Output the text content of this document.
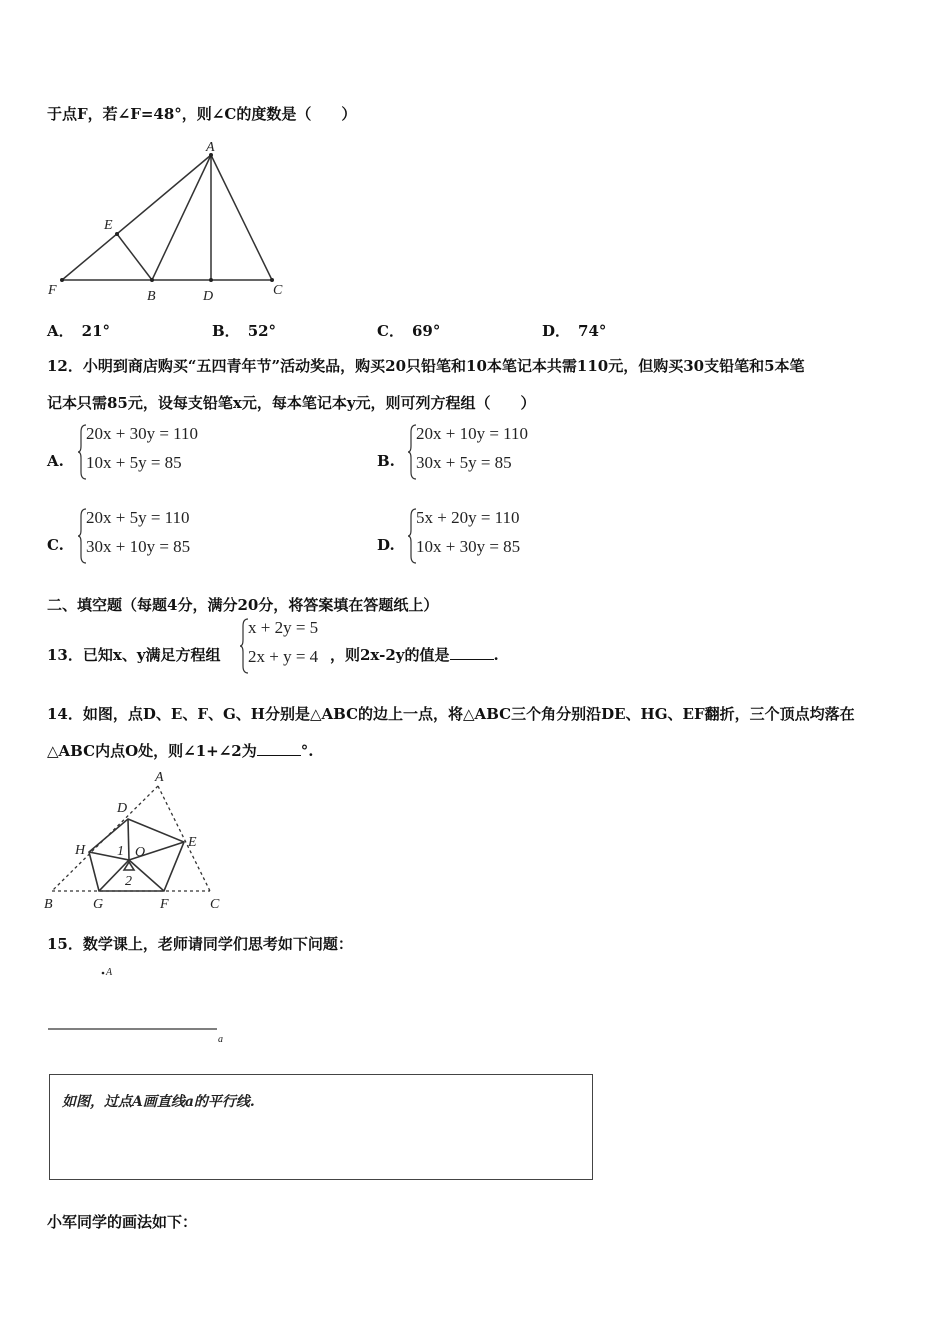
于点F，若∠F=48°，则∠C的度数是（　　）
A
E
F	B	D	C
A． 21°	B． 52°	C． 69°	D． 74°
12．小明到商店购买“五四青年节”活动奖品，购买20只铅笔和10本笔记本共需110元，但购买30支铅笔和5本笔
记本只需85元，设每支铅笔x元，每本笔记本y元，则可列方程组（　　）
A.
20x + 30y = 110
10x + 5y = 85	B.
20x + 10y = 110
30x + 5y = 85
C.
20x + 5y = 110
30x + 10y = 85	D.
5x + 20y = 110
10x + 30y = 85
二、填空题（每题4分，满分20分，将答案填在答题纸上）
13．已知x、y满足方程组
x + 2y = 5
2x + y = 4 ，则2x-2y的值是	.
14．如图，点D、E、F、G、H分别是△ABC的边上一点，将△ABC三个角分别沿DE、HG、EF翻折，三个顶点均落在
△ABC内点O处，则∠1+∠2为	°.
A
D
E
H	O
1
2
B	G	F	C
15．数学课上，老师请同学们思考如下问题：
A
a
如图，过点A画直线a的平行线.
小军同学的画法如下：
